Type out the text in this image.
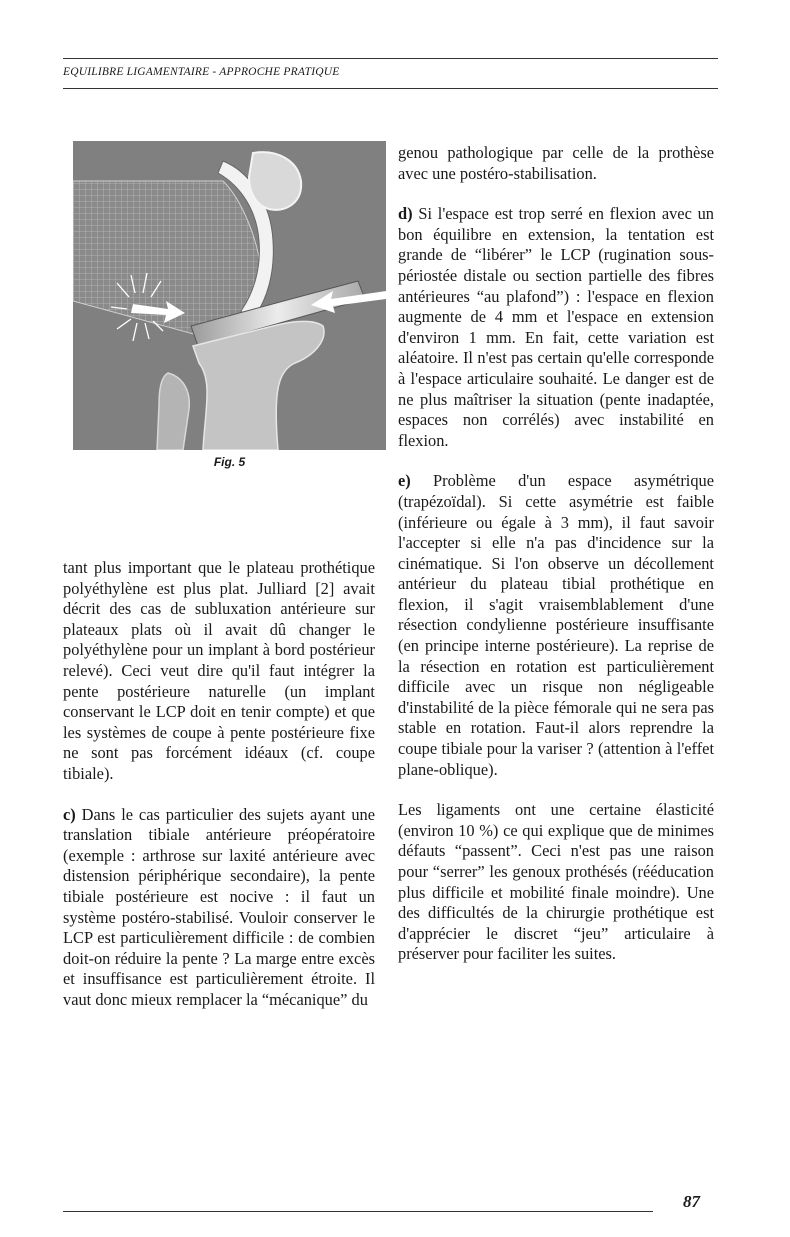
EQUILIBRE LIGAMENTAIRE - APPROCHE PRATIQUE
Fig. 5

tant plus important que le plateau prothétique polyéthylène est plus plat. Julliard [2] avait décrit des cas de subluxation antérieure sur plateaux plats où il avait dû changer le polyéthylène pour un implant à bord postérieur relevé). Ceci veut dire qu'il faut intégrer la pente postérieure naturelle (un implant conservant le LCP doit en tenir compte) et que les systèmes de coupe à pente postérieure fixe ne sont pas forcément idéaux (cf. coupe tibiale).

c) Dans le cas particulier des sujets ayant une translation tibiale antérieure préopératoire (exemple : arthrose sur laxité antérieure avec distension périphérique secondaire), la pente tibiale postérieure est nocive : il faut un système postéro-stabilisé. Vouloir conserver le LCP est particulièrement difficile : de combien doit-on réduire la pente ? La marge entre excès et insuffisance est particulièrement étroite. Il vaut donc mieux remplacer la “mécanique” du

genou pathologique par celle de la prothèse avec une postéro-stabilisation.

d) Si l'espace est trop serré en flexion avec un bon équilibre en extension, la tentation est grande de “libérer” le LCP (rugination sous-périostée distale ou section partielle des fibres antérieures “au plafond”) : l'espace en flexion augmente de 4 mm et l'espace en extension d'environ 1 mm. En fait, cette variation est aléatoire. Il n'est pas certain qu'elle corresponde à l'espace articulaire souhaité. Le danger est de ne plus maîtriser la situation (pente inadaptée, espaces non corrélés) avec instabilité en flexion.

e) Problème d'un espace asymétrique (trapézoïdal). Si cette asymétrie est faible (inférieure ou égale à 3 mm), il faut savoir l'accepter si elle n'a pas d'incidence sur la cinématique. Si l'on observe un décollement antérieur du plateau tibial prothétique en flexion, il s'agit vraisemblablement d'une résection condylienne postérieure insuffisante (en principe interne postérieure). La reprise de la résection en rotation est particulièrement difficile avec un risque non négligeable d'instabilité de la pièce fémorale qui ne sera pas stable en rotation. Faut-il alors reprendre la coupe tibiale pour la variser ? (attention à l'effet plane-oblique).

Les ligaments ont une certaine élasticité (environ 10 %) ce qui explique que de minimes défauts “passent”. Ceci n'est pas une raison pour “serrer” les genoux prothésés (rééducation plus difficile et mobilité finale moindre). Une des difficultés de la chirurgie prothétique est d'apprécier le discret “jeu” articulaire à préserver pour faciliter les suites.

87
